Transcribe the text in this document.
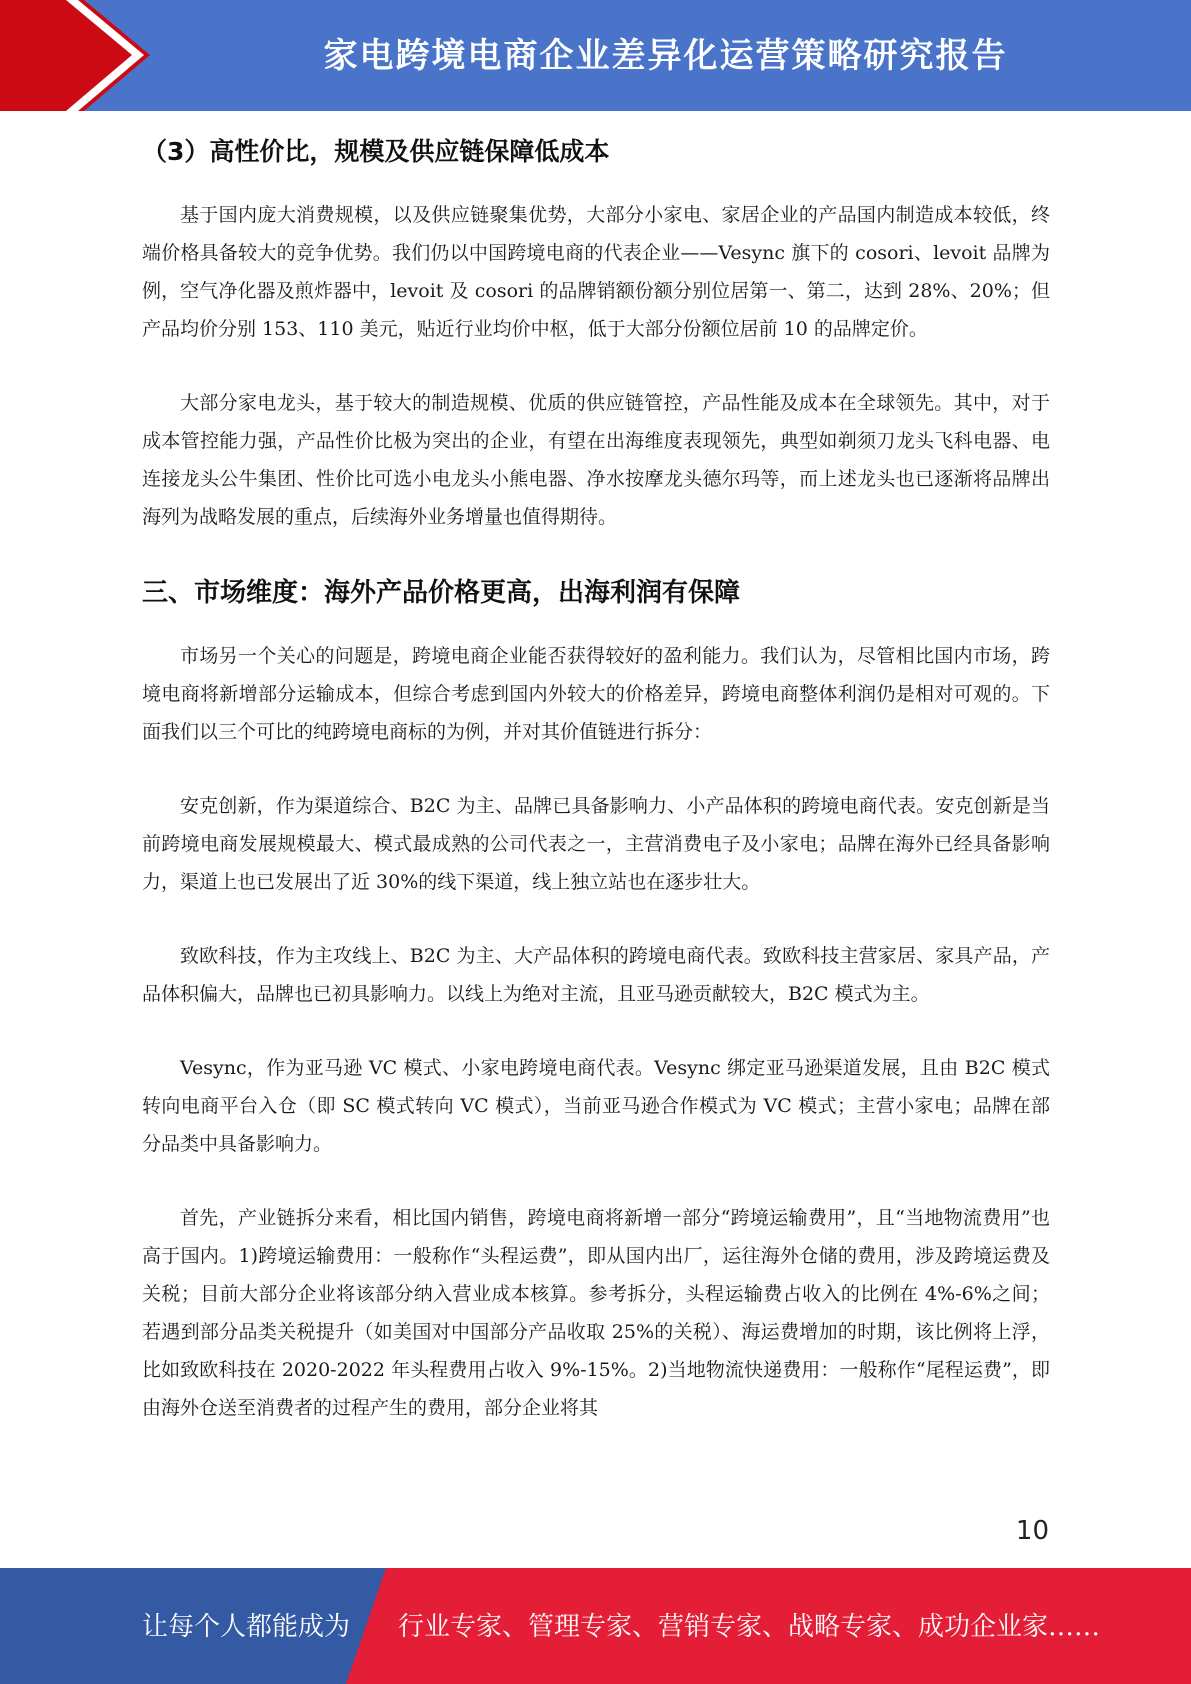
家电跨境电商企业差异化运营策略研究报告
（3）高性价比，规模及供应链保障低成本

基于国内庞大消费规模，以及供应链聚集优势，大部分小家电、家居企业的产品国内制造成本较低，终端价格具备较大的竞争优势。我们仍以中国跨境电商的代表企业——Vesync 旗下的 cosori、levoit 品牌为例，空气净化器及煎炸器中，levoit 及 cosori 的品牌销额份额分别位居第一、第二，达到 28%、20%；但产品均价分别 153、110 美元，贴近行业均价中枢，低于大部分份额位居前 10 的品牌定价。

大部分家电龙头，基于较大的制造规模、优质的供应链管控，产品性能及成本在全球领先。其中，对于成本管控能力强，产品性价比极为突出的企业，有望在出海维度表现领先，典型如剃须刀龙头飞科电器、电连接龙头公牛集团、性价比可选小电龙头小熊电器、净水按摩龙头德尔玛等，而上述龙头也已逐渐将品牌出海列为战略发展的重点，后续海外业务增量也值得期待。

三、市场维度：海外产品价格更高，出海利润有保障

市场另一个关心的问题是，跨境电商企业能否获得较好的盈利能力。我们认为，尽管相比国内市场，跨境电商将新增部分运输成本，但综合考虑到国内外较大的价格差异，跨境电商整体利润仍是相对可观的。下面我们以三个可比的纯跨境电商标的为例，并对其价值链进行拆分：

安克创新，作为渠道综合、B2C 为主、品牌已具备影响力、小产品体积的跨境电商代表。安克创新是当前跨境电商发展规模最大、模式最成熟的公司代表之一，主营消费电子及小家电；品牌在海外已经具备影响力，渠道上也已发展出了近 30%的线下渠道，线上独立站也在逐步壮大。

致欧科技，作为主攻线上、B2C 为主、大产品体积的跨境电商代表。致欧科技主营家居、家具产品，产品体积偏大，品牌也已初具影响力。以线上为绝对主流，且亚马逊贡献较大，B2C 模式为主。

Vesync，作为亚马逊 VC 模式、小家电跨境电商代表。Vesync 绑定亚马逊渠道发展，且由 B2C 模式转向电商平台入仓（即 SC 模式转向 VC 模式），当前亚马逊合作模式为 VC 模式；主营小家电；品牌在部分品类中具备影响力。

首先，产业链拆分来看，相比国内销售，跨境电商将新增一部分“跨境运输费用”，且“当地物流费用”也高于国内。1)跨境运输费用：一般称作“头程运费”，即从国内出厂，运往海外仓储的费用，涉及跨境运费及关税；目前大部分企业将该部分纳入营业成本核算。参考拆分，头程运输费占收入的比例在 4%-6%之间；若遇到部分品类关税提升（如美国对中国部分产品收取 25%的关税）、海运费增加的时期，该比例将上浮，比如致欧科技在 2020-2022 年头程费用占收入 9%-15%。2)当地物流快递费用：一般称作“尾程运费”，即由海外仓送至消费者的过程产生的费用，部分企业将其

10
让每个人都能成为 行业专家、管理专家、营销专家、战略专家、成功企业家……
